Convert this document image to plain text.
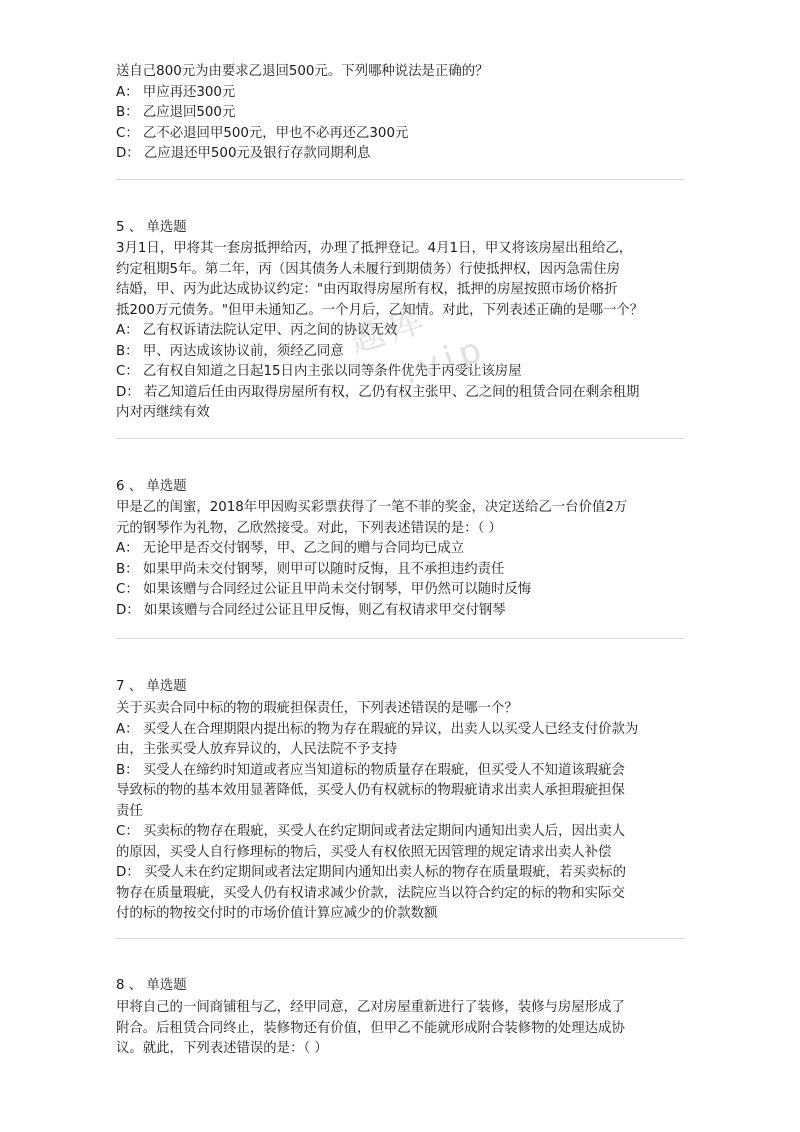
题库
.vip
送自己800元为由要求乙退回500元。下列哪种说法是正确的？
A： 甲应再还300元
B： 乙应退回500元
C： 乙不必退回甲500元，甲也不必再还乙300元
D： 乙应退还甲500元及银行存款同期利息
5 、 单选题
3月1日，甲将其一套房抵押给丙，办理了抵押登记。4月1日，甲又将该房屋出租给乙，
约定租期5年。第二年，丙（因其债务人未履行到期债务）行使抵押权，因丙急需住房
结婚，甲、丙为此达成协议约定："由丙取得房屋所有权，抵押的房屋按照市场价格折
抵200万元债务。"但甲未通知乙。一个月后，乙知情。对此，下列表述正确的是哪一个？
A： 乙有权诉请法院认定甲、丙之间的协议无效
B： 甲、丙达成该协议前，须经乙同意
C： 乙有权自知道之日起15日内主张以同等条件优先于丙受让该房屋
D： 若乙知道后任由丙取得房屋所有权，乙仍有权主张甲、乙之间的租赁合同在剩余租期
内对丙继续有效
6 、 单选题
甲是乙的闺蜜，2018年甲因购买彩票获得了一笔不菲的奖金，决定送给乙一台价值2万
元的钢琴作为礼物，乙欣然接受。对此，下列表述错误的是：（ ）
A： 无论甲是否交付钢琴，甲、乙之间的赠与合同均已成立
B： 如果甲尚未交付钢琴，则甲可以随时反悔，且不承担违约责任
C： 如果该赠与合同经过公证且甲尚未交付钢琴，甲仍然可以随时反悔
D： 如果该赠与合同经过公证且甲反悔，则乙有权请求甲交付钢琴
7 、 单选题
关于买卖合同中标的物的瑕疵担保责任，下列表述错误的是哪一个？
A： 买受人在合理期限内提出标的物为存在瑕疵的异议，出卖人以买受人已经支付价款为
由，主张买受人放弃异议的，人民法院不予支持
B： 买受人在缔约时知道或者应当知道标的物质量存在瑕疵，但买受人不知道该瑕疵会
导致标的物的基本效用显著降低，买受人仍有权就标的物瑕疵请求出卖人承担瑕疵担保
责任
C： 买卖标的物存在瑕疵，买受人在约定期间或者法定期间内通知出卖人后，因出卖人
的原因，买受人自行修理标的物后，买受人有权依照无因管理的规定请求出卖人补偿
D： 买受人未在约定期间或者法定期间内通知出卖人标的物存在质量瑕疵，若买卖标的
物存在质量瑕疵，买受人仍有权请求减少价款，法院应当以符合约定的标的物和实际交
付的标的物按交付时的市场价值计算应减少的价款数额
8 、 单选题
甲将自己的一间商铺租与乙，经甲同意，乙对房屋重新进行了装修，装修与房屋形成了
附合。后租赁合同终止，装修物还有价值，但甲乙不能就形成附合装修物的处理达成协
议。就此，下列表述错误的是：（ ）
